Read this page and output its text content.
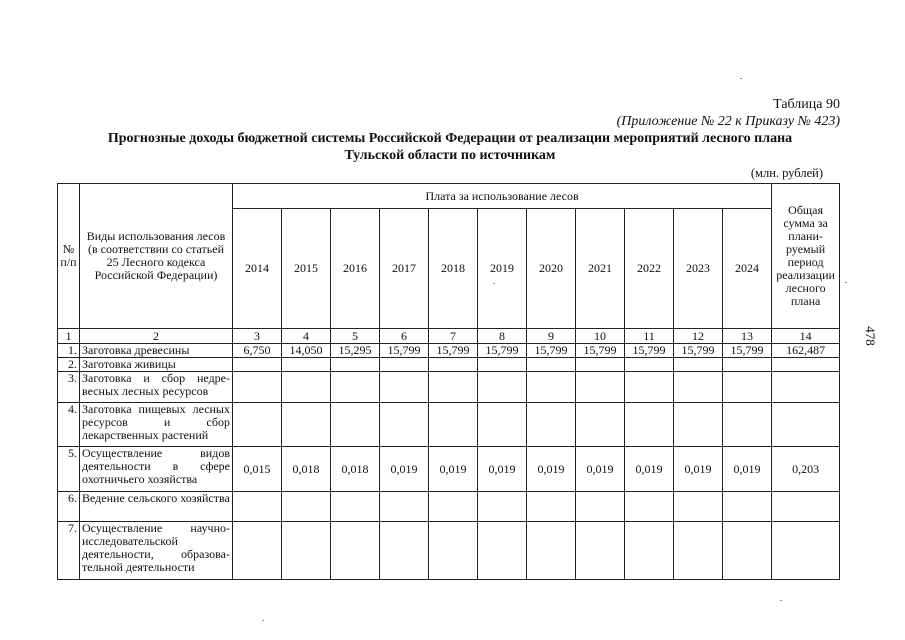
Таблица 90
(Приложение № 22 к Приказу № 423)
Прогнозные доходы бюджетной системы Российской Федерации от реализации мероприятий лесного плана
Тульской области по источникам
(млн. рублей)
№ п/п	Виды использования лесов (в соответствии со статьей 25 Лесного кодекса Российской Федерации)	Плата за использование лесов											Общая сумма за плани-руемый период реализации лесного плана
		2014	2015	2016	2017	2018	2019	2020	2021	2022	2023	2024	
1	2	3	4	5	6	7	8	9	10	11	12	13	14
1.	Заготовка древесины	6,750	14,050	15,295	15,799	15,799	15,799	15,799	15,799	15,799	15,799	15,799	162,487
2.	Заготовка живицы												
3.	Заготовка и сбор недре-весных лесных ресурсов												
4.	Заготовка пищевых лесных ресурсов и сбор лекарственных растений												
5.	Осуществление видов деятельности в сфере охотничьего хозяйства	0,015	0,018	0,018	0,019	0,019	0,019	0,019	0,019	0,019	0,019	0,019	0,203
6.	Ведение сельского хозяйства												
7.	Осуществление научно-исследовательской деятельности, образова-тельной деятельности												
478
